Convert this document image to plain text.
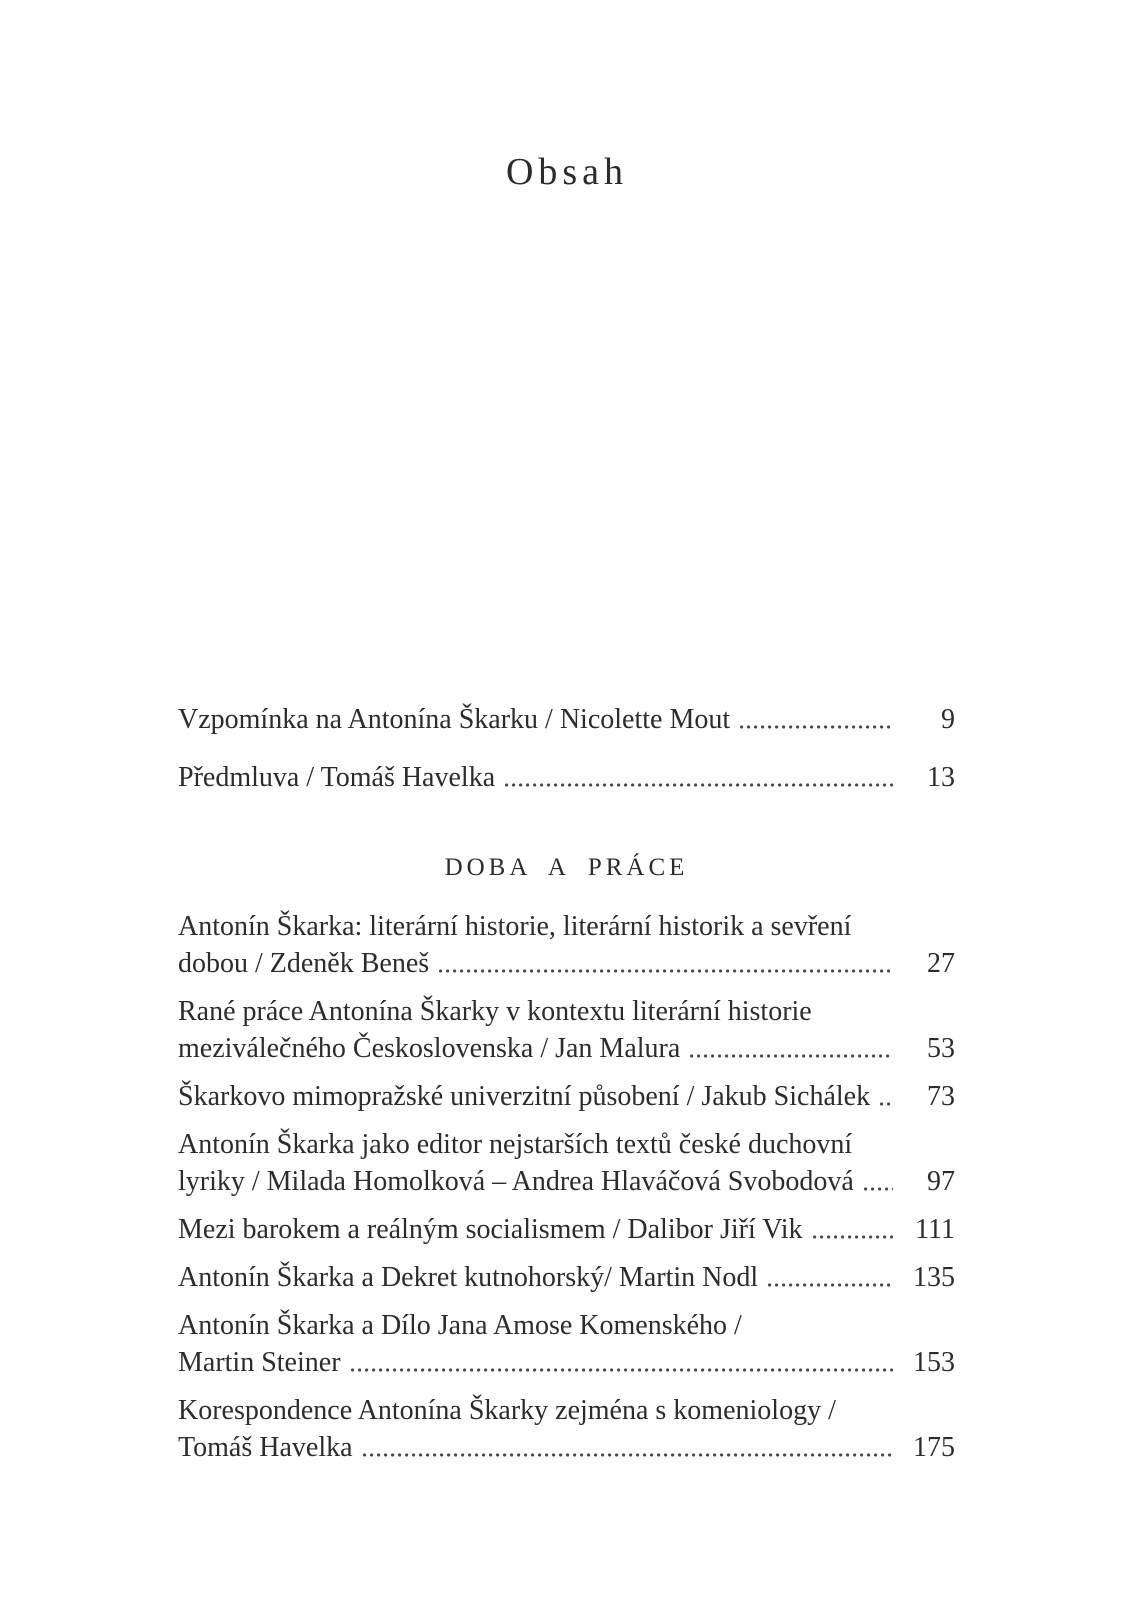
Obsah
Vzpomínka na Antonína Škarku / Nicolette Mout	9
Předmluva / Tomáš Havelka	13
DOBA A PRÁCE
Antonín Škarka: literární historie, literární historik a sevření
dobou / Zdeněk Beneš	27
Rané práce Antonína Škarky v kontextu literární historie
meziválečného Československa / Jan Malura	53
Škarkovo mimopražské univerzitní působení / Jakub Sichálek	73
Antonín Škarka jako editor nejstarších textů české duchovní
lyriky / Milada Homolková – Andrea Hlaváčová Svobodová	97
Mezi barokem a reálným socialismem / Dalibor Jiří Vik	111
Antonín Škarka a Dekret kutnohorský/ Martin Nodl	135
Antonín Škarka a Dílo Jana Amose Komenského /
Martin Steiner	153
Korespondence Antonína Škarky zejména s komeniology /
Tomáš Havelka	175
